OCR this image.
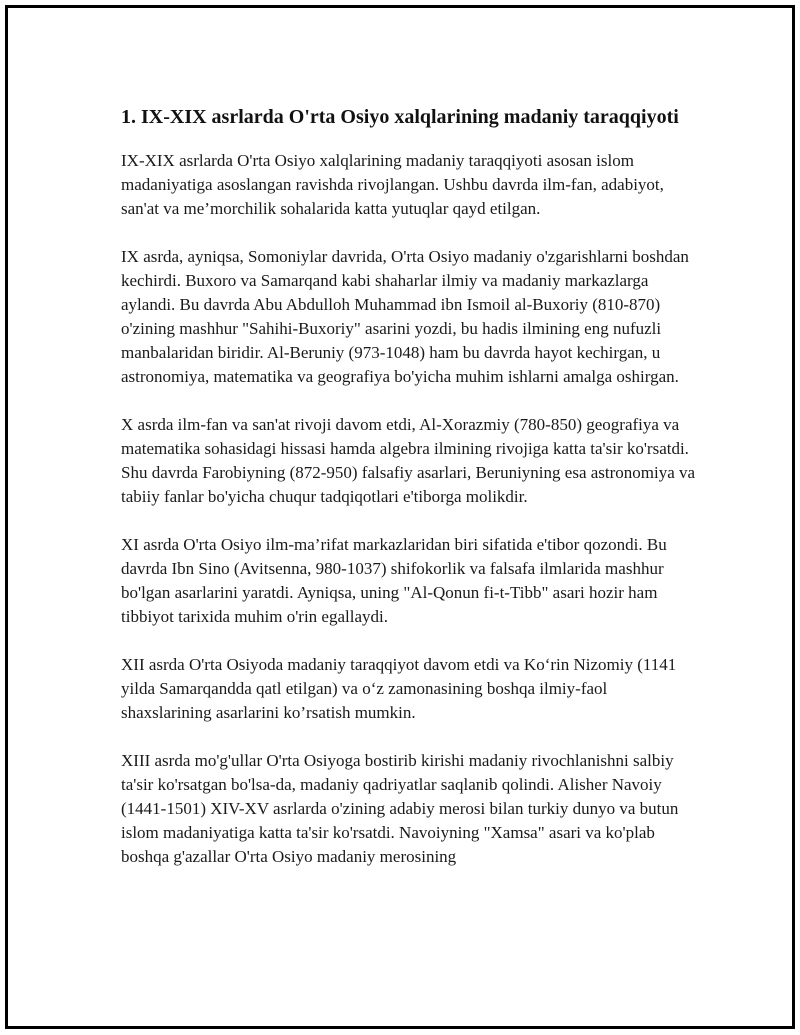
1. IX-XIX asrlarda O'rta Osiyo xalqlarining madaniy taraqqiyoti

IX-XIX asrlarda O'rta Osiyo xalqlarining madaniy taraqqiyoti asosan islom madaniyatiga asoslangan ravishda rivojlangan. Ushbu davrda ilm-fan, adabiyot, san'at va me’morchilik sohalarida katta yutuqlar qayd etilgan.

IX asrda, ayniqsa, Somoniylar davrida, O'rta Osiyo madaniy o'zgarishlarni boshdan kechirdi. Buxoro va Samarqand kabi shaharlar ilmiy va madaniy markazlarga aylandi. Bu davrda Abu Abdulloh Muhammad ibn Ismoil al-Buxoriy (810-870) o'zining mashhur "Sahihi-Buxoriy" asarini yozdi, bu hadis ilmining eng nufuzli manbalaridan biridir. Al-Beruniy (973-1048) ham bu davrda hayot kechirgan, u astronomiya, matematika va geografiya bo'yicha muhim ishlarni amalga oshirgan.

X asrda ilm-fan va san'at rivoji davom etdi, Al-Xorazmiy (780-850) geografiya va matematika sohasidagi hissasi hamda algebra ilmining rivojiga katta ta'sir ko'rsatdi. Shu davrda Farobiyning (872-950) falsafiy asarlari, Beruniyning esa astronomiya va tabiiy fanlar bo'yicha chuqur tadqiqotlari e'tiborga molikdir.

XI asrda O'rta Osiyo ilm-ma’rifat markazlaridan biri sifatida e'tibor qozondi. Bu davrda Ibn Sino (Avitsenna, 980-1037) shifokorlik va falsafa ilmlarida mashhur bo'lgan asarlarini yaratdi. Ayniqsa, uning "Al-Qonun fi-t-Tibb" asari hozir ham tibbiyot tarixida muhim o'rin egallaydi.

XII asrda O'rta Osiyoda madaniy taraqqiyot davom etdi va Ko‘rin Nizomiy (1141 yilda Samarqandda qatl etilgan) va o‘z zamonasining boshqa ilmiy-faol shaxslarining asarlarini ko’rsatish mumkin.

XIII asrda mo'g'ullar O'rta Osiyoga bostirib kirishi madaniy rivochlanishni salbiy ta'sir ko'rsatgan bo'lsa-da, madaniy qadriyatlar saqlanib qolindi. Alisher Navoiy (1441-1501) XIV-XV asrlarda o'zining adabiy merosi bilan turkiy dunyo va butun islom madaniyatiga katta ta'sir ko'rsatdi. Navoiyning "Xamsa" asari va ko'plab boshqa g'azallar O'rta Osiyo madaniy merosining
